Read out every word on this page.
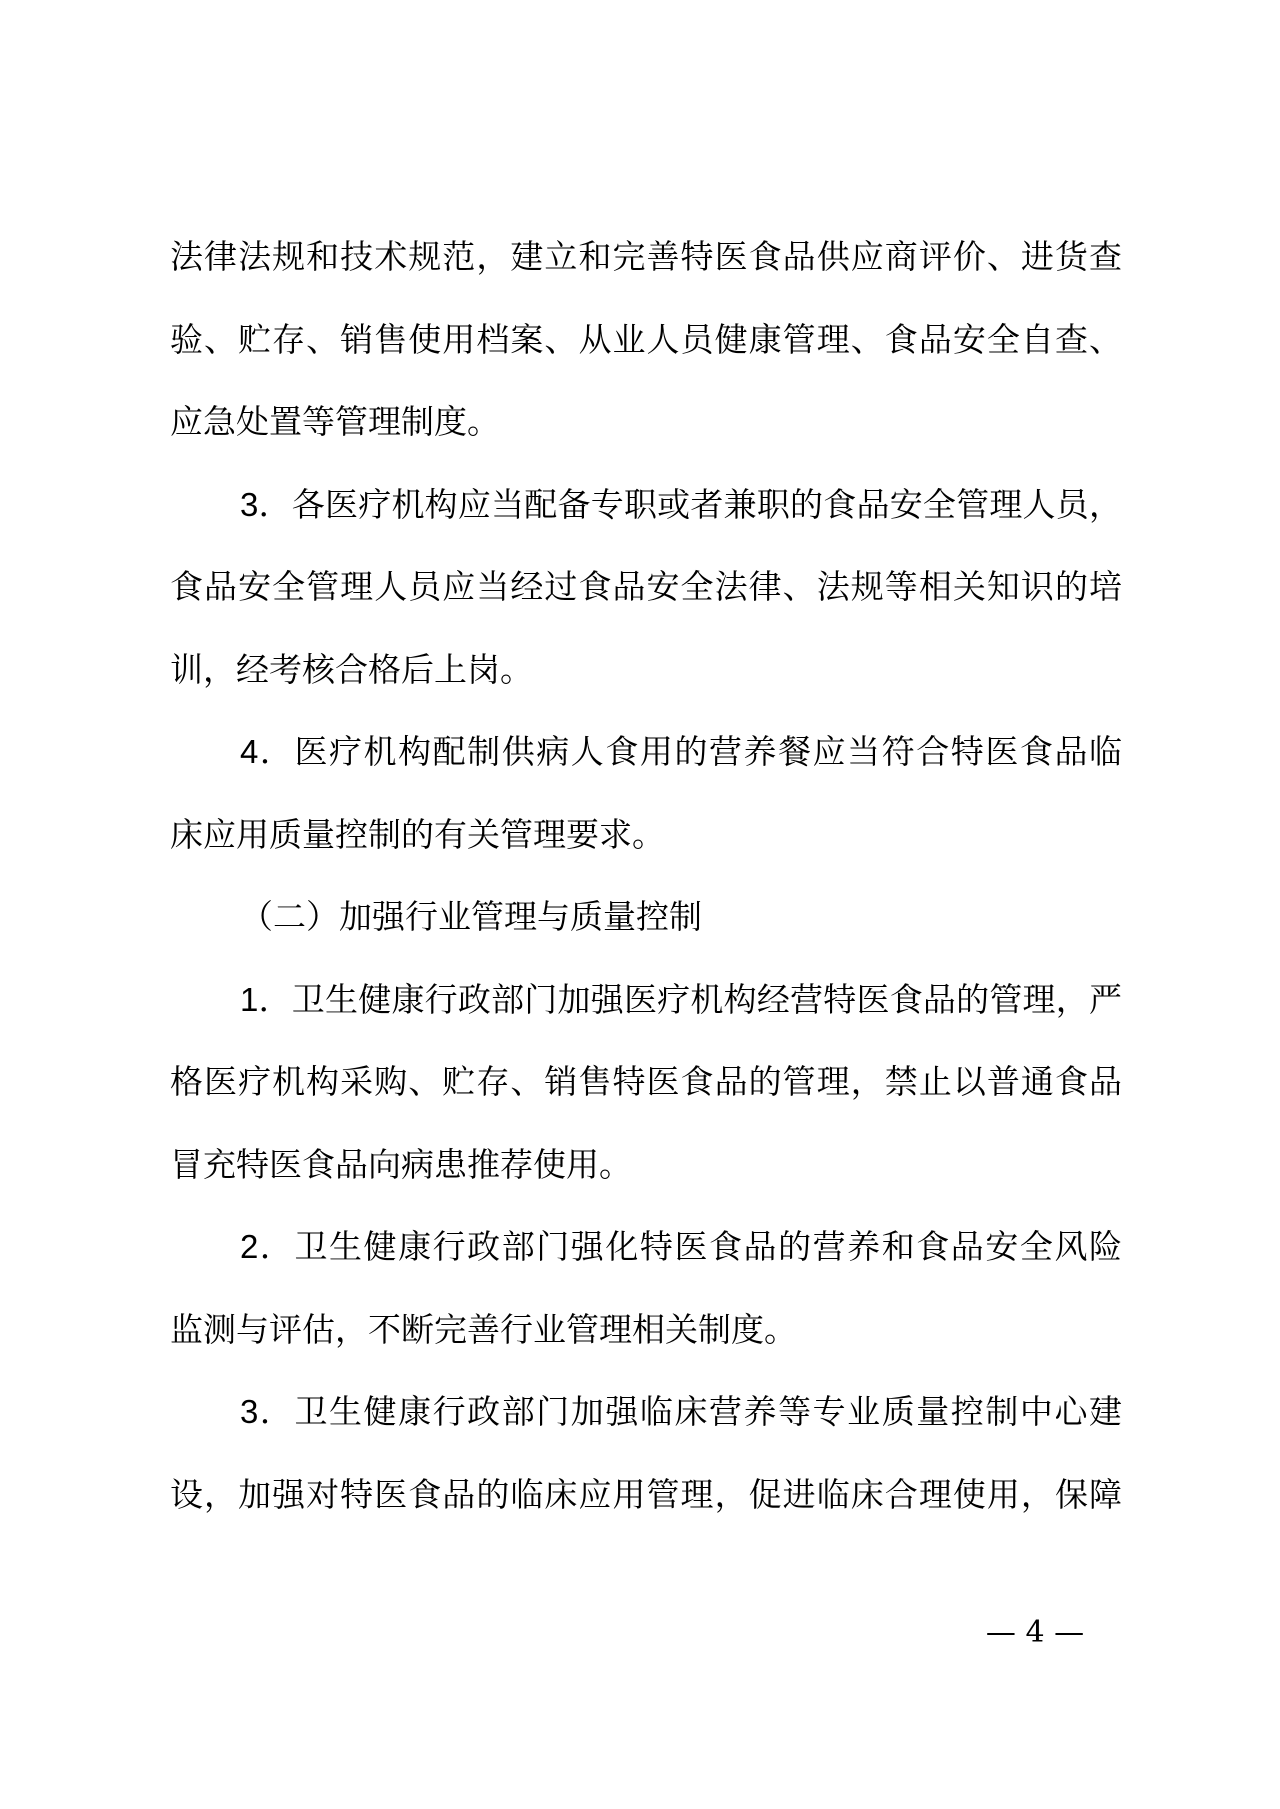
法律法规和技术规范，建立和完善特医食品供应商评价、进货查
验、贮存、销售使用档案、从业人员健康管理、食品安全自查、
应急处置等管理制度。
3．各医疗机构应当配备专职或者兼职的食品安全管理人员，
食品安全管理人员应当经过食品安全法律、法规等相关知识的培
训，经考核合格后上岗。
4．医疗机构配制供病人食用的营养餐应当符合特医食品临
床应用质量控制的有关管理要求。
（二）加强行业管理与质量控制
1．卫生健康行政部门加强医疗机构经营特医食品的管理，严
格医疗机构采购、贮存、销售特医食品的管理，禁止以普通食品
冒充特医食品向病患推荐使用。
2．卫生健康行政部门强化特医食品的营养和食品安全风险
监测与评估，不断完善行业管理相关制度。
3．卫生健康行政部门加强临床营养等专业质量控制中心建
设，加强对特医食品的临床应用管理，促进临床合理使用，保障
— 4 —
